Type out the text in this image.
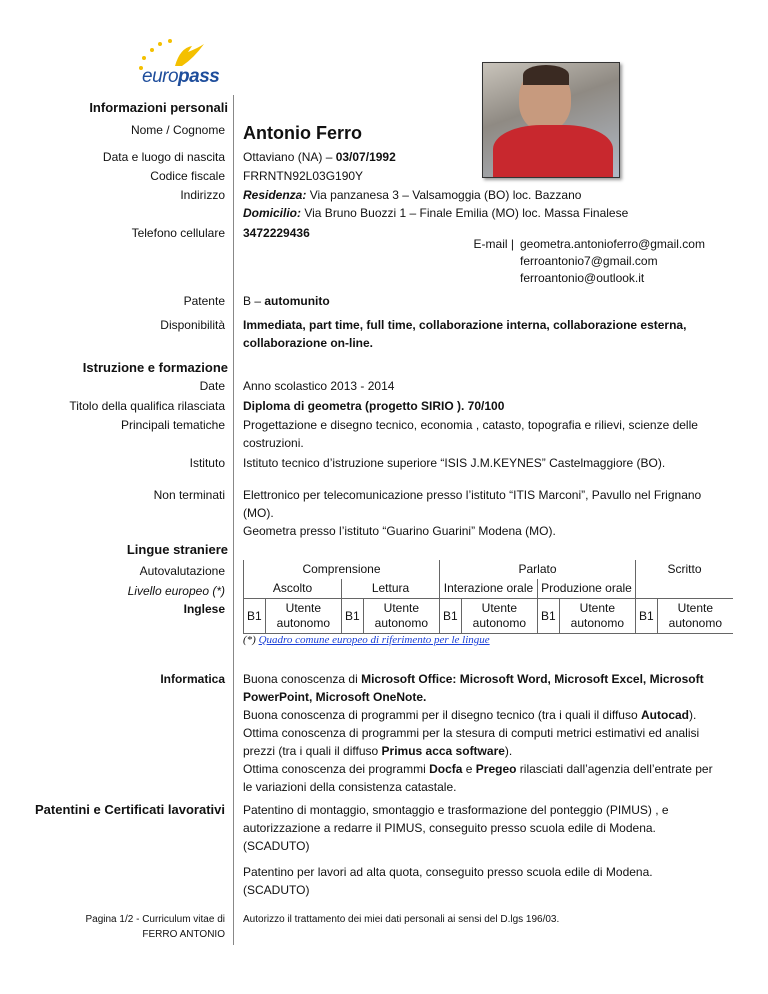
europass
Informazioni personali
Nome / Cognome Antonio Ferro
Data e luogo di nascita Ottaviano (NA) – 03/07/1992
Codice fiscale FRRNTN92L03G190Y
Indirizzo Residenza: Via panzanesa 3 – Valsamoggia (BO) loc. Bazzano
Domicilio: Via Bruno Buozzi 1 – Finale Emilia (MO) loc. Massa Finalese
Telefono cellulare 3472229436
E-mail | geometra.antonioferro@gmail.com
ferroantonio7@gmail.com
ferroantonio@outlook.it
Patente B – automunito
Disponibilità Immediata, part time, full time, collaborazione interna, collaborazione esterna, collaborazione on-line.
Istruzione e formazione
Date Anno scolastico 2013 - 2014
Titolo della qualifica rilasciata Diploma di geometra (progetto SIRIO ). 70/100
Principali tematiche Progettazione e disegno tecnico, economia , catasto, topografia e rilievi, scienze delle costruzioni.
Istituto Istituto tecnico d’istruzione superiore “ISIS J.M.KEYNES” Castelmaggiore (BO).
Non terminati Elettronico per telecomunicazione presso l’istituto “ITIS Marconi”, Pavullo nel Frignano (MO).
Geometra presso l’istituto “Guarino Guarini” Modena (MO).
Lingue straniere
Autovalutazione
Livello europeo (*)
Inglese
Comprensione				Parlato				Scritto	
Ascolto		Lettura		Interazione orale		Produzione orale			
B1	Utente autonomo	B1	Utente autonomo	B1	Utente autonomo	B1	Utente autonomo	B1	Utente autonomo
(*) Quadro comune europeo di riferimento per le lingue
Informatica Buona conoscenza di Microsoft Office: Microsoft Word, Microsoft Excel, Microsoft PowerPoint, Microsoft OneNote.
Buona conoscenza di programmi per il disegno tecnico (tra i quali il diffuso Autocad).
Ottima conoscenza di programmi per la stesura di computi metrici estimativi ed analisi prezzi (tra i quali il diffuso Primus acca software).
Ottima conoscenza dei programmi Docfa e Pregeo rilasciati dall’agenzia dell’entrate per le variazioni della consistenza catastale.
Patentini e Certificati lavorativi Patentino di montaggio, smontaggio e trasformazione del ponteggio (PIMUS) , e autorizzazione a redarre il PIMUS, conseguito presso scuola edile di Modena. (SCADUTO)
Patentino per lavori ad alta quota, conseguito presso scuola edile di Modena. (SCADUTO)
Pagina 1/2 - Curriculum vitae di
FERRO ANTONIO
Autorizzo il trattamento dei miei dati personali ai sensi del D.lgs 196/03.
